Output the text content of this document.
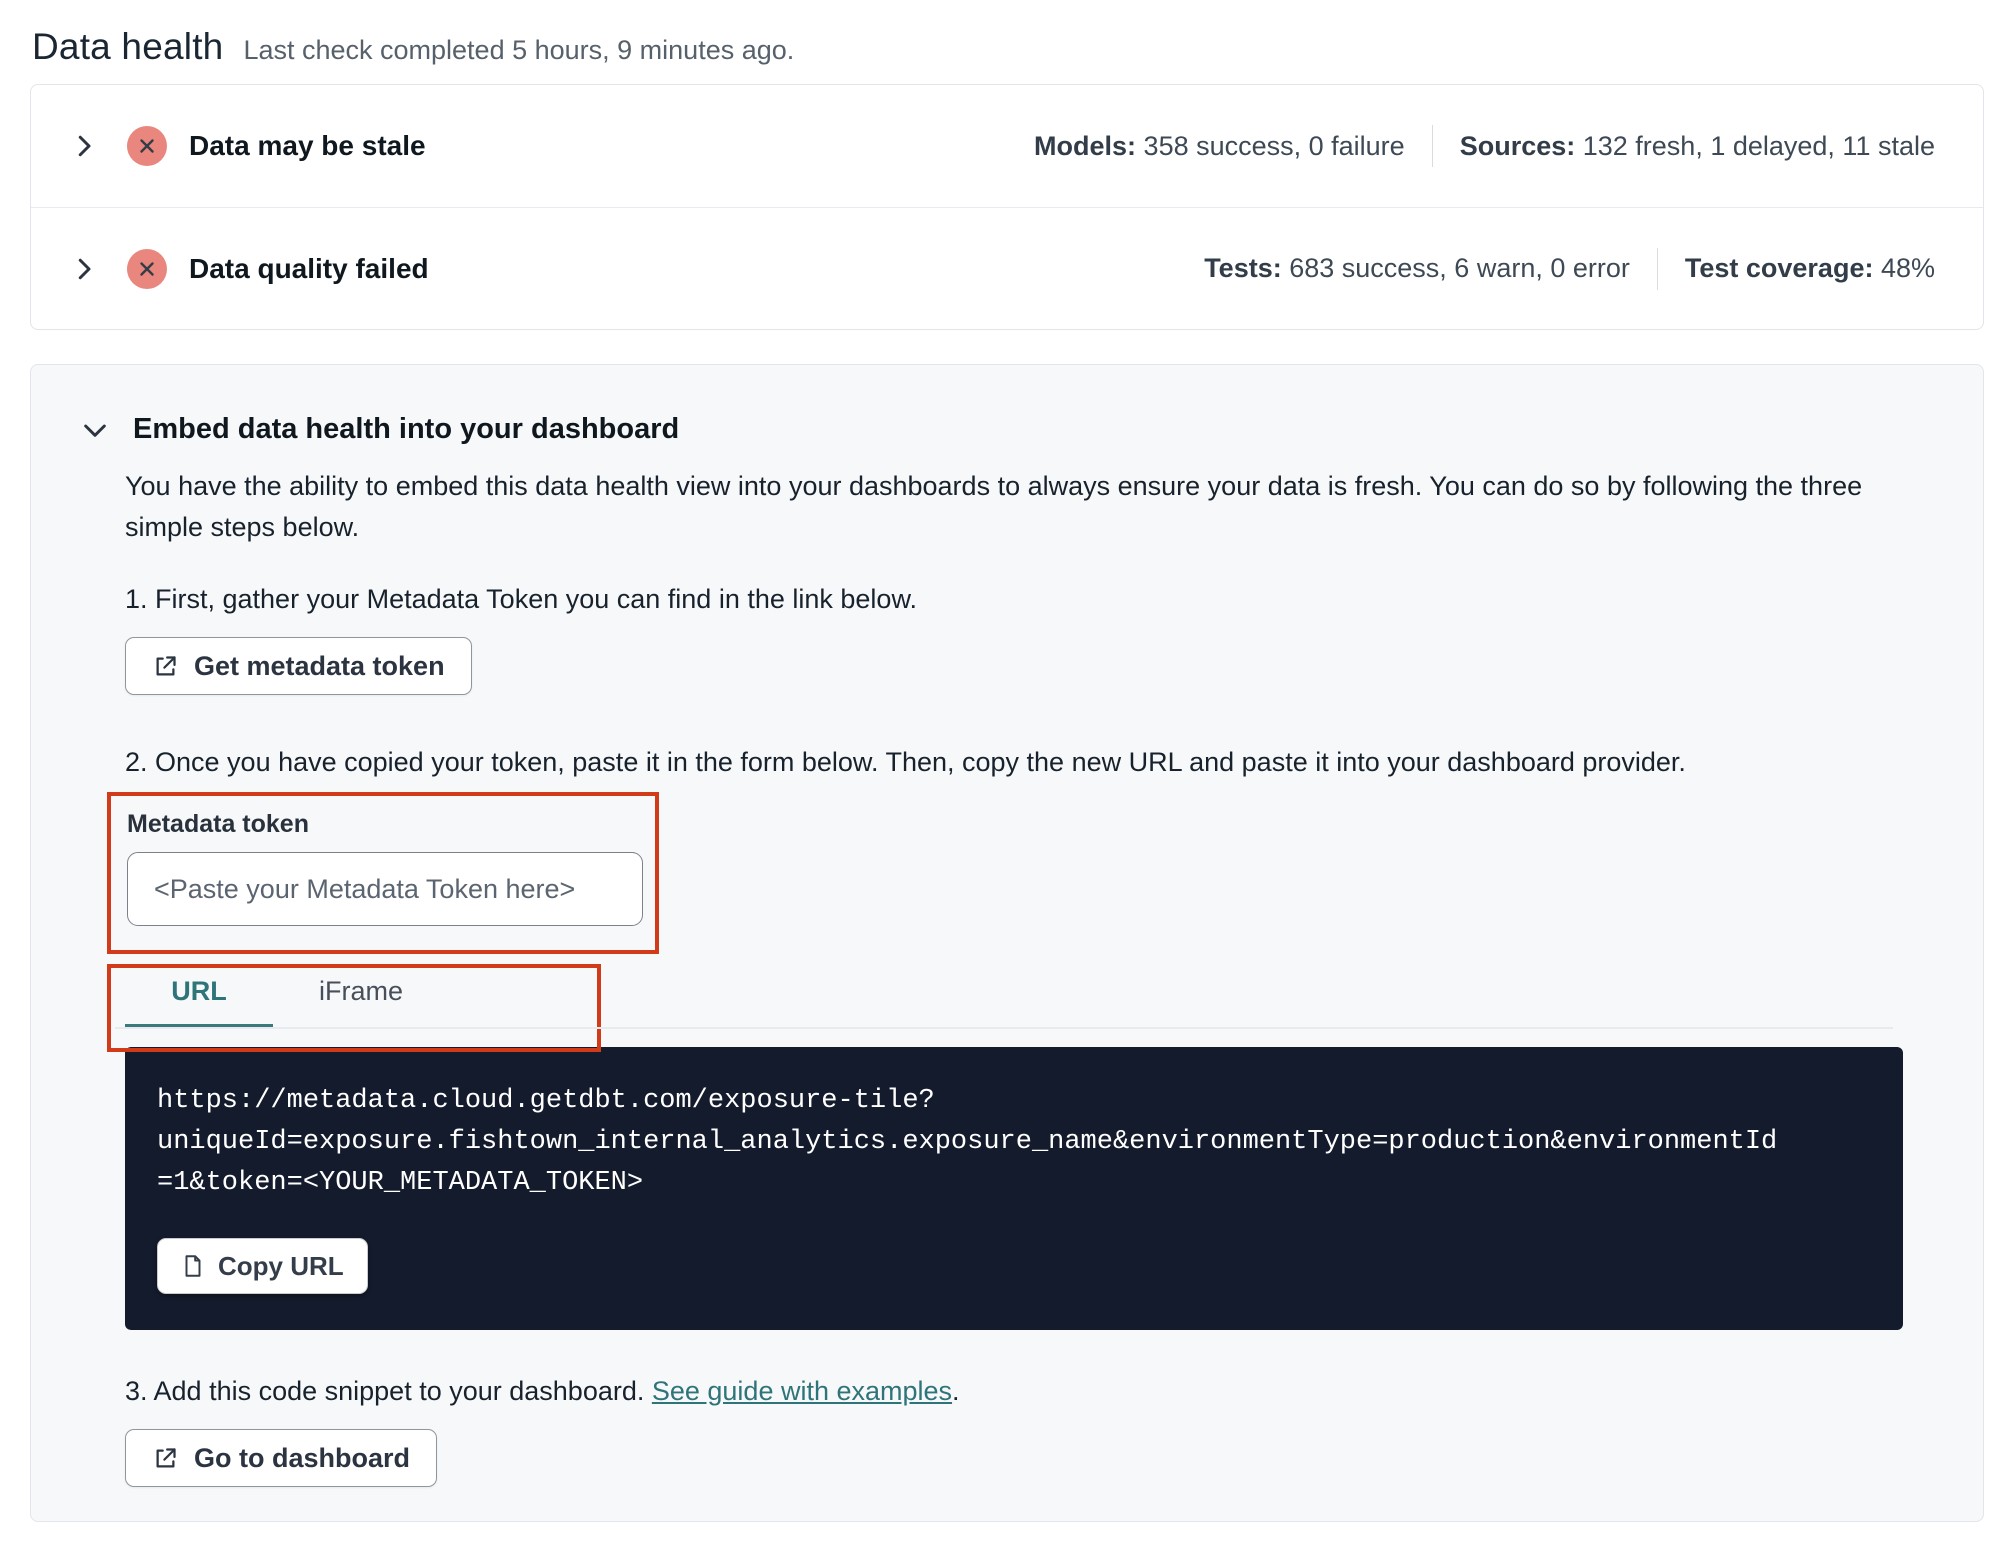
Data health Last check completed 5 hours, 9 minutes ago.
Data may be stale	Models: 358 success, 0 failure Sources: 132 fresh, 1 delayed, 11 stale
Data quality failed	Tests: 683 success, 6 warn, 0 error Test coverage: 48%
Embed data health into your dashboard
You have the ability to embed this data health view into your dashboards to always ensure your data is fresh. You can do so by following the three simple steps below.
1. First, gather your Metadata Token you can find in the link below.
Get metadata token
2. Once you have copied your token, paste it in the form below. Then, copy the new URL and paste it into your dashboard provider.
Metadata token
<Paste your Metadata Token here>
URL	iFrame
https://metadata.cloud.getdbt.com/exposure-tile?
uniqueId=exposure.fishtown_internal_analytics.exposure_name&environmentType=production&environmentId
=1&token=<YOUR_METADATA_TOKEN>
Copy URL
3. Add this code snippet to your dashboard. See guide with examples.
Go to dashboard
